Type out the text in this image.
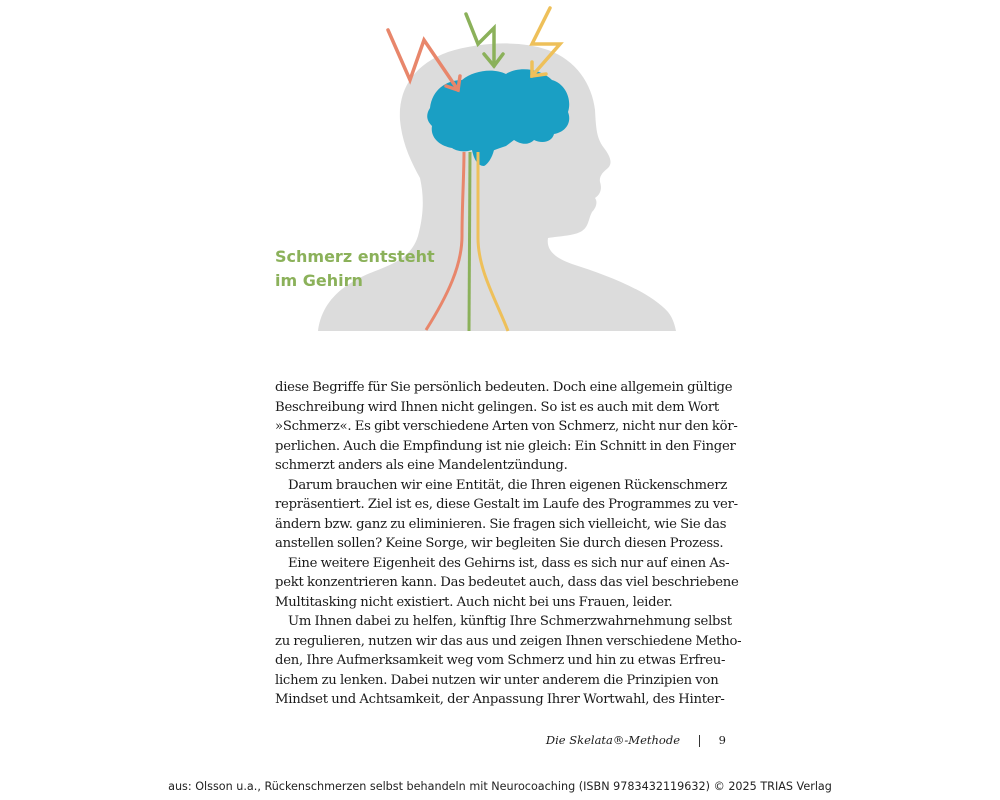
Schmerz entsteht
im Gehirn
diese Begriffe für Sie persönlich bedeuten. Doch eine allgemein gültige
Beschreibung wird Ihnen nicht gelingen. So ist es auch mit dem Wort
»Schmerz«. Es gibt verschiedene Arten von Schmerz, nicht nur den kör-
perlichen. Auch die Empfindung ist nie gleich: Ein Schnitt in den Finger
schmerzt anders als eine Mandelentzündung.
Darum brauchen wir eine Entität, die Ihren eigenen Rückenschmerz
repräsentiert. Ziel ist es, diese Gestalt im Laufe des Programmes zu ver-
ändern bzw. ganz zu eliminieren. Sie fragen sich vielleicht, wie Sie das
anstellen sollen? Keine Sorge, wir begleiten Sie durch diesen Prozess.
Eine weitere Eigenheit des Gehirns ist, dass es sich nur auf einen As-
pekt konzentrieren kann. Das bedeutet auch, dass das viel beschriebene
Multitasking nicht existiert. Auch nicht bei uns Frauen, leider.
Um Ihnen dabei zu helfen, künftig Ihre Schmerzwahrnehmung selbst
zu regulieren, nutzen wir das aus und zeigen Ihnen verschiedene Metho-
den, Ihre Aufmerksamkeit weg vom Schmerz und hin zu etwas Erfreu-
lichem zu lenken. Dabei nutzen wir unter anderem die Prinzipien von
Mindset und Achtsamkeit, der Anpassung Ihrer Wortwahl, des Hinter-
Die Skelata®-Methode	9
aus: Olsson u.a., Rückenschmerzen selbst behandeln mit Neurocoaching (ISBN 9783432119632) © 2025 TRIAS Verlag
